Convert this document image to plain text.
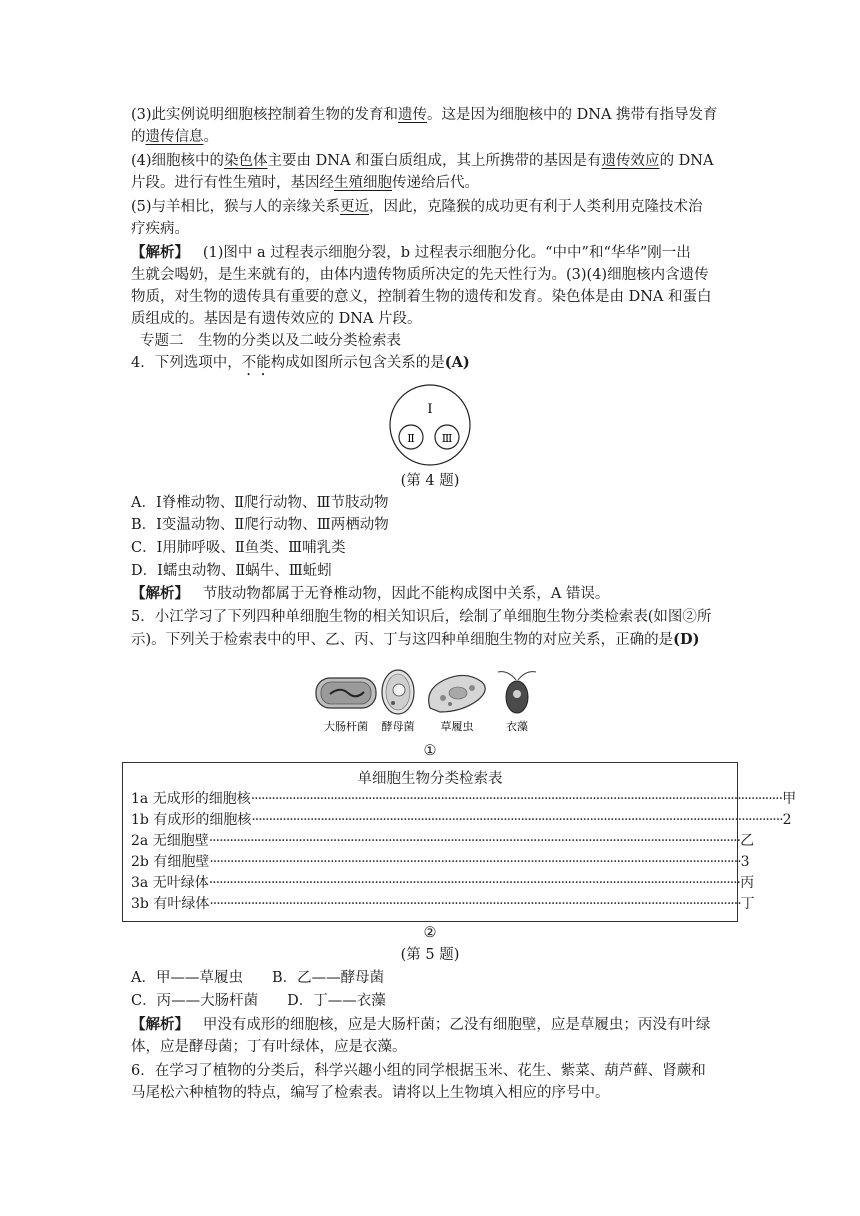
(3)此实例说明细胞核控制着生物的发育和遗传。这是因为细胞核中的 DNA 携带有指导发育
的遗传信息。
(4)细胞核中的染色体主要由 DNA 和蛋白质组成，其上所携带的基因是有遗传效应的 DNA
片段。进行有性生殖时，基因经生殖细胞传递给后代。
(5)与羊相比，猴与人的亲缘关系更近，因此，克隆猴的成功更有利于人类利用克隆技术治
疗疾病。
【解析】 (1)图中 a 过程表示细胞分裂，b 过程表示细胞分化。“中中”和“华华”刚一出
生就会喝奶，是生来就有的，由体内遗传物质所决定的先天性行为。(3)(4)细胞核内含遗传
物质，对生物的遗传具有重要的意义，控制着生物的遗传和发育。染色体是由 DNA 和蛋白
质组成的。基因是有遗传效应的 DNA 片段。
专题二　生物的分类以及二岐分类检索表
4．下列选项中，不能构成如图所示包含关系的是(A)
Ⅰ
Ⅱ Ⅲ
(第 4 题)
A．Ⅰ脊椎动物、Ⅱ爬行动物、Ⅲ节肢动物
B．Ⅰ变温动物、Ⅱ爬行动物、Ⅲ两栖动物
C．Ⅰ用肺呼吸、Ⅱ鱼类、Ⅲ哺乳类
D．Ⅰ蠕虫动物、Ⅱ蜗牛、Ⅲ蚯蚓
【解析】 节肢动物都属于无脊椎动物，因此不能构成图中关系，A 错误。
5．小江学习了下列四种单细胞生物的相关知识后，绘制了单细胞生物分类检索表(如图②所
示)。下列关于检索表中的甲、乙、丙、丁与这四种单细胞生物的对应关系，正确的是(D)
大肠杆菌 酵母菌 草履虫	衣藻
①
单细胞生物分类检索表
1a 无成形的细胞核 ·························································································································································· 甲
1b 有成形的细胞核 ·························································································································································· 2
2a 无细胞壁 ·························································································································································· 乙
2b 有细胞壁 ·························································································································································· 3
3a 无叶绿体 ·························································································································································· 丙
3b 有叶绿体 ·························································································································································· 丁
②
(第 5 题)
A．甲——草履虫　　B．乙——酵母菌
C．丙——大肠杆菌　　D．丁——衣藻
【解析】 甲没有成形的细胞核，应是大肠杆菌；乙没有细胞壁，应是草履虫；丙没有叶绿
体，应是酵母菌；丁有叶绿体，应是衣藻。
6．在学习了植物的分类后，科学兴趣小组的同学根据玉米、花生、紫菜、葫芦藓、肾蕨和
马尾松六种植物的特点，编写了检索表。请将以上生物填入相应的序号中。
